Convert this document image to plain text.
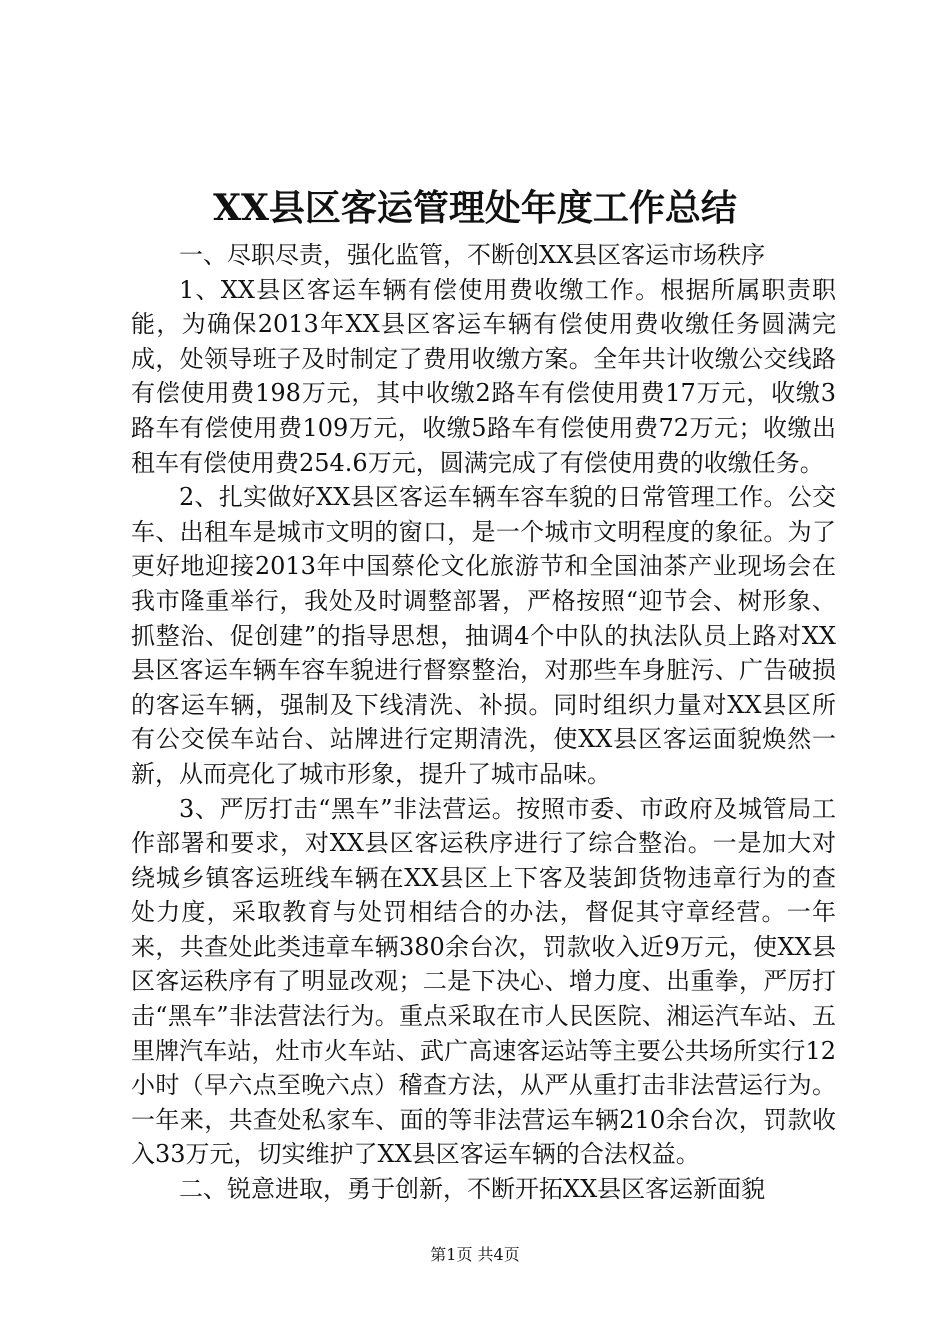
XX县区客运管理处年度工作总结

一、尽职尽责，强化监管，不断创XX县区客运市场秩序

1、XX县区客运车辆有偿使用费收缴工作。根据所属职责职能，为确保2013年XX县区客运车辆有偿使用费收缴任务圆满完成，处领导班子及时制定了费用收缴方案。全年共计收缴公交线路有偿使用费198万元，其中收缴2路车有偿使用费17万元，收缴3路车有偿使用费109万元，收缴5路车有偿使用费72万元；收缴出租车有偿使用费254.6万元，圆满完成了有偿使用费的收缴任务。

2、扎实做好XX县区客运车辆车容车貌的日常管理工作。公交车、出租车是城市文明的窗口，是一个城市文明程度的象征。为了更好地迎接2013年中国蔡伦文化旅游节和全国油茶产业现场会在我市隆重举行，我处及时调整部署，严格按照“迎节会、树形象、抓整治、促创建”的指导思想，抽调4个中队的执法队员上路对XX县区客运车辆车容车貌进行督察整治，对那些车身脏污、广告破损的客运车辆，强制及下线清洗、补损。同时组织力量对XX县区所有公交侯车站台、站牌进行定期清洗，使XX县区客运面貌焕然一新，从而亮化了城市形象，提升了城市品味。

3、严厉打击“黑车”非法营运。按照市委、市政府及城管局工作部署和要求，对XX县区客运秩序进行了综合整治。一是加大对绕城乡镇客运班线车辆在XX县区上下客及装卸货物违章行为的查处力度，采取教育与处罚相结合的办法，督促其守章经营。一年来，共查处此类违章车辆380余台次，罚款收入近9万元，使XX县区客运秩序有了明显改观；二是下决心、增力度、出重拳，严厉打击“黑车”非法营法行为。重点采取在市人民医院、湘运汽车站、五里牌汽车站，灶市火车站、武广高速客运站等主要公共场所实行12小时（早六点至晚六点）稽查方法，从严从重打击非法营运行为。一年来，共查处私家车、面的等非法营运车辆210余台次，罚款收入33万元，切实维护了XX县区客运车辆的合法权益。

二、锐意进取，勇于创新，不断开拓XX县区客运新面貌

第1页 共4页
